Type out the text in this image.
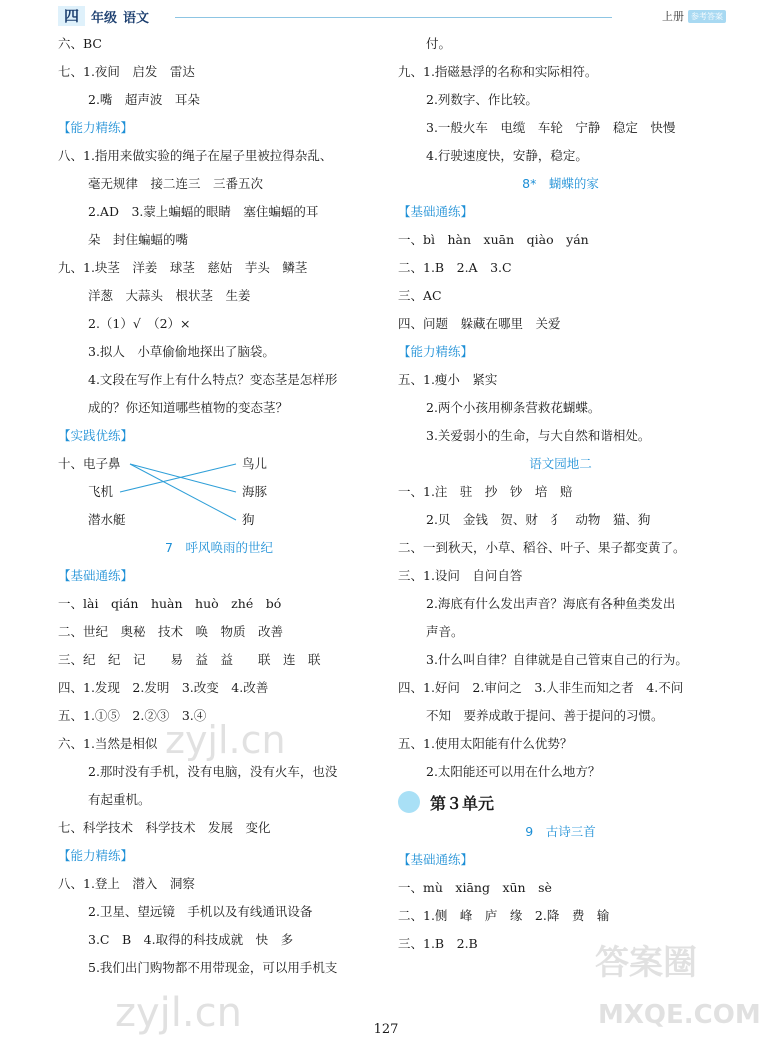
四 年级 语文	上册 参考答案
六、BC
七、1.夜间　启发　雷达
2.嘴　超声波　耳朵
【能力精练】
八、1.指用来做实验的绳子在屋子里被拉得杂乱、
毫无规律　接二连三　三番五次
2.AD　3.蒙上蝙蝠的眼睛　塞住蝙蝠的耳
朵　封住蝙蝠的嘴
九、1.块茎　洋姜　球茎　慈姑　芋头　鳞茎
洋葱　大蒜头　根状茎　生姜
2.（1）√　（2）×
3.拟人　小草偷偷地探出了脑袋。
4.文段在写作上有什么特点？变态茎是怎样形
成的？你还知道哪些植物的变态茎？
【实践优练】
十、电子鼻
飞机
潜水艇
鸟儿
海豚
狗
7　呼风唤雨的世纪
【基础通练】
一、lài　qián　huàn　huò　zhé　bó
二、世纪　奥秘　技术　唤　物质　改善
三、纪　纪　记　　易　益　益　　联　连　联
四、1.发现　2.发明　3.改变　4.改善
五、1.①⑤　2.②③　3.④
六、1.当然是相似
2.那时没有手机，没有电脑，没有火车，也没
有起重机。
七、科学技术　科学技术　发展　变化
【能力精练】
八、1.登上　潜入　洞察
2.卫星、望远镜　手机以及有线通讯设备
3.C　B　4.取得的科技成就　快　多
5.我们出门购物都不用带现金，可以用手机支
付。
九、1.指磁悬浮的名称和实际相符。
2.列数字、作比较。
3.一般火车　电缆　车轮　宁静　稳定　快慢
4.行驶速度快，安静，稳定。
8*　蝴蝶的家
【基础通练】
一、bì　hàn　xuān　qiào　yán
二、1.B　2.A　3.C
三、AC
四、问题　躲藏在哪里　关爱
【能力精练】
五、1.瘦小　紧实
2.两个小孩用柳条营救花蝴蝶。
3.关爱弱小的生命，与大自然和谐相处。
语文园地二
一、1.注　驻　抄　钞　培　赔
2.贝　金钱　贺、财　犭　动物　猫、狗
二、一到秋天，小草、稻谷、叶子、果子都变黄了。
三、1.设问　自问自答
2.海底有什么发出声音？海底有各种鱼类发出
声音。
3.什么叫自律？自律就是自己管束自己的行为。
四、1.好问　2.审问之　3.人非生而知之者　4.不问
不知　要养成敢于提问、善于提问的习惯。
五、1.使用太阳能有什么优势？
2.太阳能还可以用在什么地方？
第３单元
9　古诗三首
【基础通练】
一、mù　xiāng　xūn　sè
二、1.侧　峰　庐　缘　2.降　费　输
三、1.B　2.B
127
zyjl.cn
zyjl.cn
答案圈
MXQE.COM
